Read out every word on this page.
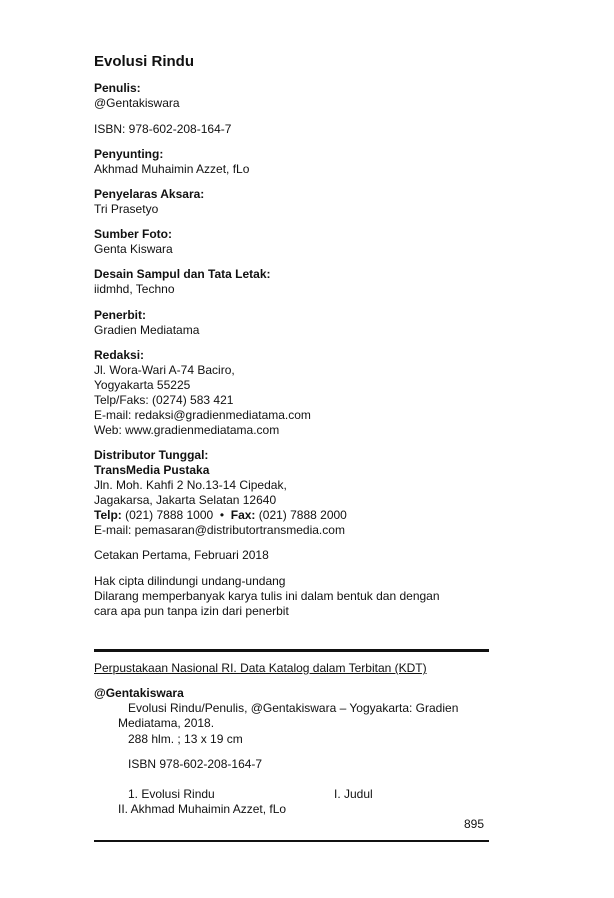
Evolusi Rindu
Penulis:
@Gentakiswara
ISBN: 978-602-208-164-7
Penyunting:
Akhmad Muhaimin Azzet, fLo
Penyelaras Aksara:
Tri Prasetyo
Sumber Foto:
Genta Kiswara
Desain Sampul dan Tata Letak:
iidmhd, Techno
Penerbit:
Gradien Mediatama
Redaksi:
Jl. Wora-Wari A-74 Baciro,
Yogyakarta 55225
Telp/Faks: (0274) 583 421
E-mail: redaksi@gradienmediatama.com
Web: www.gradienmediatama.com
Distributor Tunggal:
TransMedia Pustaka
Jln. Moh. Kahfi 2 No.13-14 Cipedak,
Jagakarsa, Jakarta Selatan 12640
Telp: (021) 7888 1000 • Fax: (021) 7888 2000
E-mail: pemasaran@distributortransmedia.com
Cetakan Pertama, Februari 2018
Hak cipta dilindungi undang-undang
Dilarang memperbanyak karya tulis ini dalam bentuk dan dengan
cara apa pun tanpa izin dari penerbit
Perpustakaan Nasional RI. Data Katalog dalam Terbitan (KDT)
@Gentakiswara
Evolusi Rindu/Penulis, @Gentakiswara – Yogyakarta: Gradien
Mediatama, 2018.
288 hlm. ; 13 x 19 cm
ISBN 978-602-208-164-7
1. Evolusi Rindu	I. Judul
II. Akhmad Muhaimin Azzet, fLo
895
